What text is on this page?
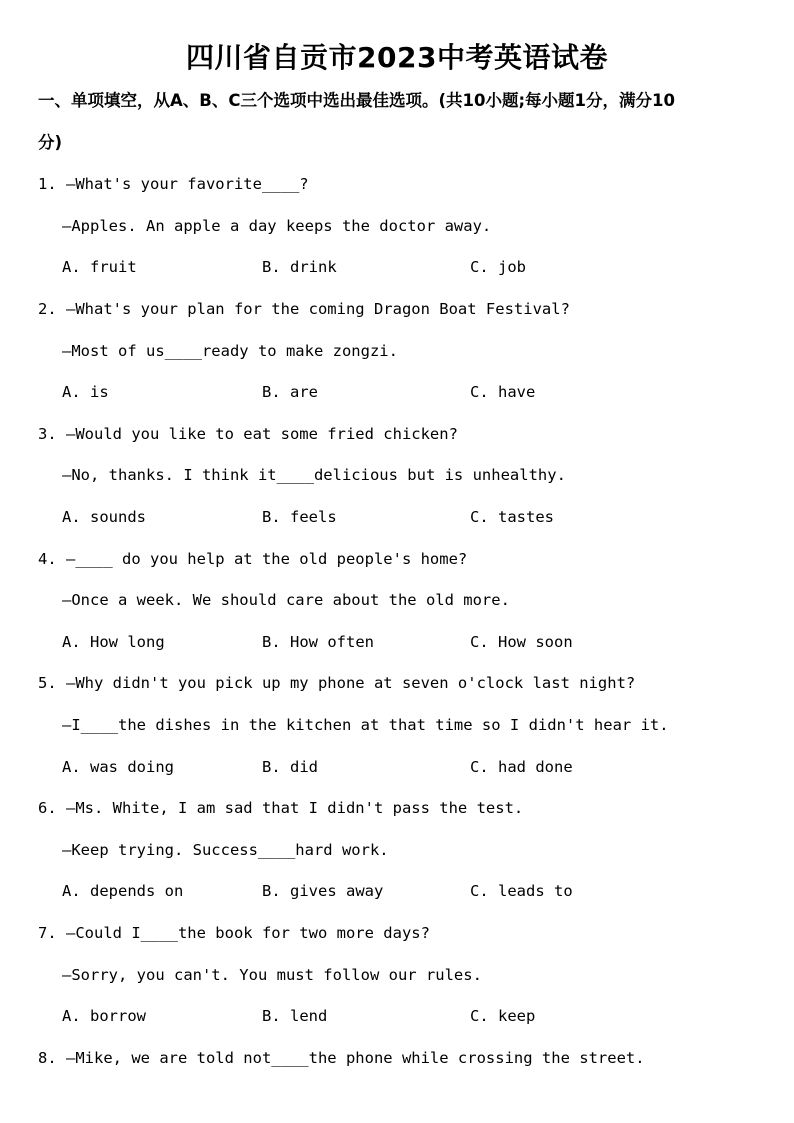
四川省自贡市2023中考英语试卷
一、单项填空，从A、B、C三个选项中选出最佳选项。(共10小题;每小题1分，满分10
分)
1. —What's your favorite____?
—Apples. An apple a day keeps the doctor away.
A. fruit	B. drink	C. job
2. —What's your plan for the coming Dragon Boat Festival?
—Most of us____ready to make zongzi.
A. is	B. are	C. have
3. —Would you like to eat some fried chicken?
—No, thanks. I think it____delicious but is unhealthy.
A. sounds	B. feels	C. tastes
4. —____ do you help at the old people's home?
—Once a week. We should care about the old more.
A. How long	B. How often	C. How soon
5. —Why didn't you pick up my phone at seven o'clock last night?
—I____the dishes in the kitchen at that time so I didn't hear it.
A. was doing	B. did	C. had done
6. —Ms. White, I am sad that I didn't pass the test.
—Keep trying. Success____hard work.
A. depends on	B. gives away	C. leads to
7. —Could I____the book for two more days?
—Sorry, you can't. You must follow our rules.
A. borrow	B. lend	C. keep
8. —Mike, we are told not____the phone while crossing the street.
